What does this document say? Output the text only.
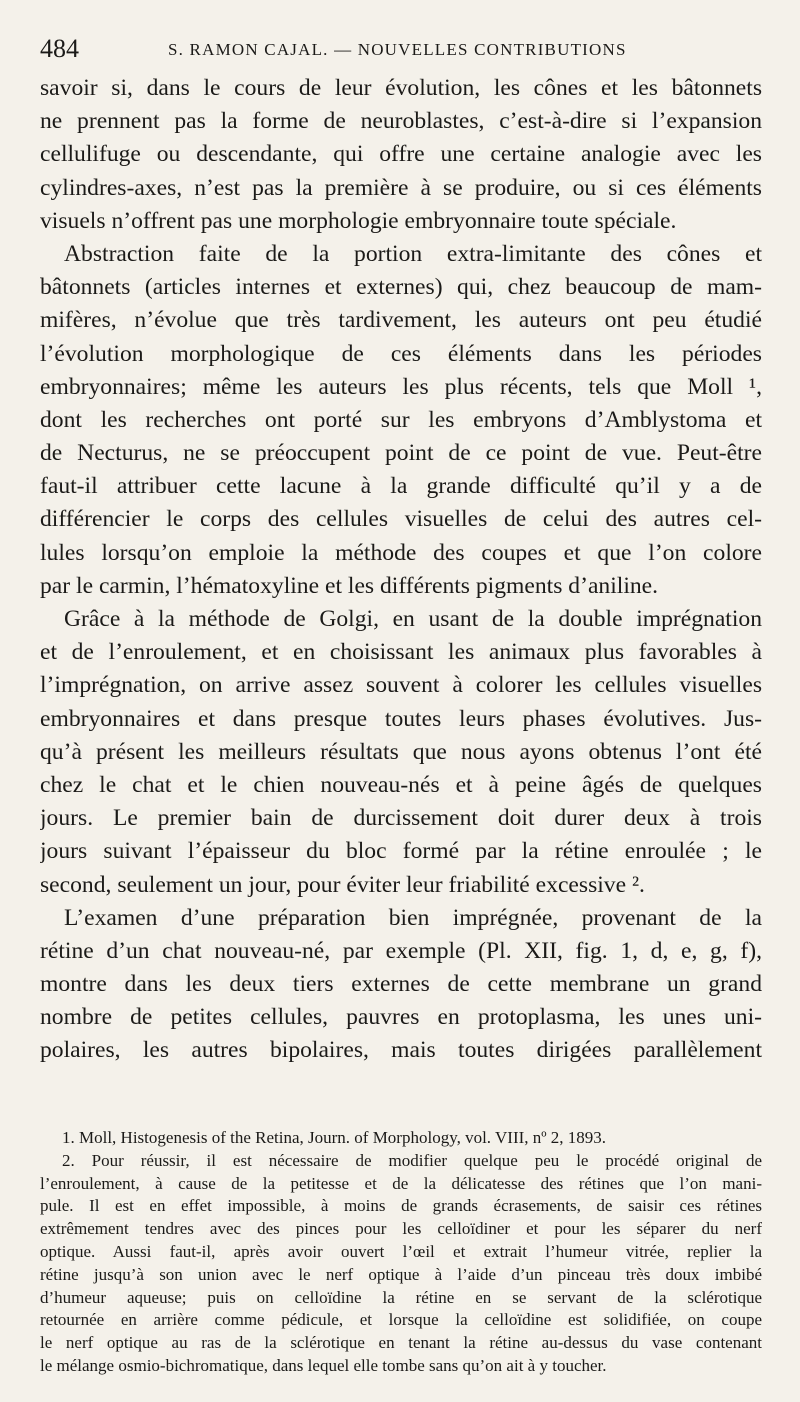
484	S. RAMON CAJAL. — NOUVELLES CONTRIBUTIONS
savoir si, dans le cours de leur évolution, les cônes et les bâtonnets
ne prennent pas la forme de neuroblastes, c’est-à-dire si l’expansion
cellulifuge ou descendante, qui offre une certaine analogie avec les
cylindres-axes, n’est pas la première à se produire, ou si ces éléments
visuels n’offrent pas une morphologie embryonnaire toute spéciale.
Abstraction faite de la portion extra-limitante des cônes et
bâtonnets (articles internes et externes) qui, chez beaucoup de mam-
mifères, n’évolue que très tardivement, les auteurs ont peu étudié
l’évolution morphologique de ces éléments dans les périodes
embryonnaires; même les auteurs les plus récents, tels que Moll ¹,
dont les recherches ont porté sur les embryons d’Amblystoma et
de Necturus, ne se préoccupent point de ce point de vue. Peut-être
faut-il attribuer cette lacune à la grande difficulté qu’il y a de
différencier le corps des cellules visuelles de celui des autres cel-
lules lorsqu’on emploie la méthode des coupes et que l’on colore
par le carmin, l’hématoxyline et les différents pigments d’aniline.
Grâce à la méthode de Golgi, en usant de la double imprégnation
et de l’enroulement, et en choisissant les animaux plus favorables à
l’imprégnation, on arrive assez souvent à colorer les cellules visuelles
embryonnaires et dans presque toutes leurs phases évolutives. Jus-
qu’à présent les meilleurs résultats que nous ayons obtenus l’ont été
chez le chat et le chien nouveau-nés et à peine âgés de quelques
jours. Le premier bain de durcissement doit durer deux à trois
jours suivant l’épaisseur du bloc formé par la rétine enroulée ; le
second, seulement un jour, pour éviter leur friabilité excessive ².
L’examen d’une préparation bien imprégnée, provenant de la
rétine d’un chat nouveau-né, par exemple (Pl. XII, fig. 1, d, e, g, f),
montre dans les deux tiers externes de cette membrane un grand
nombre de petites cellules, pauvres en protoplasma, les unes uni-
polaires, les autres bipolaires, mais toutes dirigées parallèlement
1. Moll, Histogenesis of the Retina, Journ. of Morphology, vol. VIII, nº 2, 1893.
2. Pour réussir, il est nécessaire de modifier quelque peu le procédé original de
l’enroulement, à cause de la petitesse et de la délicatesse des rétines que l’on mani-
pule. Il est en effet impossible, à moins de grands écrasements, de saisir ces rétines
extrêmement tendres avec des pinces pour les celloïdiner et pour les séparer du nerf
optique. Aussi faut-il, après avoir ouvert l’œil et extrait l’humeur vitrée, replier la
rétine jusqu’à son union avec le nerf optique à l’aide d’un pinceau très doux imbibé
d’humeur aqueuse; puis on celloïdine la rétine en se servant de la sclérotique
retournée en arrière comme pédicule, et lorsque la celloïdine est solidifiée, on coupe
le nerf optique au ras de la sclérotique en tenant la rétine au-dessus du vase contenant
le mélange osmio-bichromatique, dans lequel elle tombe sans qu’on ait à y toucher.
